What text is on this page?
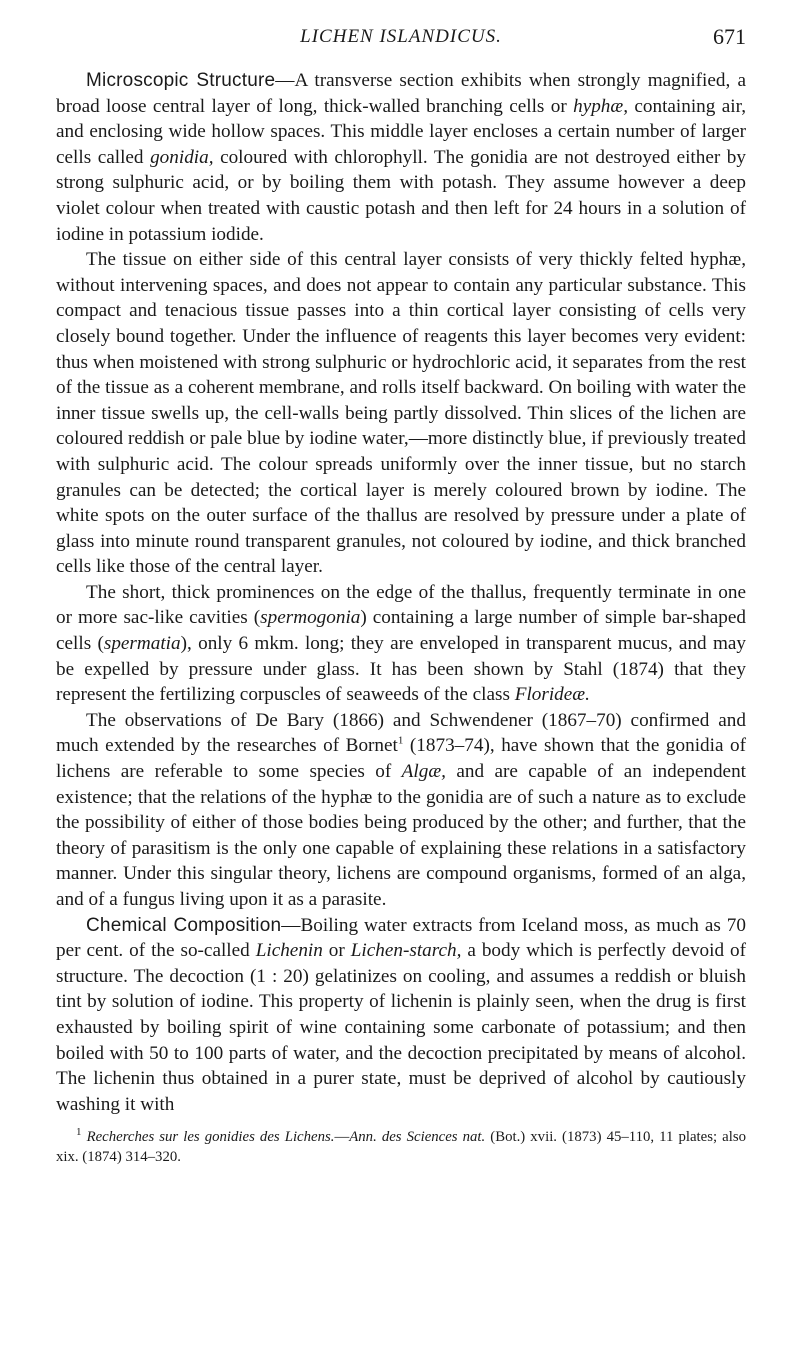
LICHEN ISLANDICUS.	671

Microscopic Structure—A transverse section exhibits when strongly magnified, a broad loose central layer of long, thick-walled branching cells or hyphæ, containing air, and enclosing wide hollow spaces. This middle layer encloses a certain number of larger cells called gonidia, coloured with chlorophyll. The gonidia are not destroyed either by strong sulphuric acid, or by boiling them with potash. They assume however a deep violet colour when treated with caustic potash and then left for 24 hours in a solution of iodine in potassium iodide.

The tissue on either side of this central layer consists of very thickly felted hyphæ, without intervening spaces, and does not appear to contain any particular substance. This compact and tenacious tissue passes into a thin cortical layer consisting of cells very closely bound together. Under the influence of reagents this layer becomes very evident: thus when moistened with strong sulphuric or hydrochloric acid, it separates from the rest of the tissue as a coherent membrane, and rolls itself backward. On boiling with water the inner tissue swells up, the cell-walls being partly dissolved. Thin slices of the lichen are coloured reddish or pale blue by iodine water,—more distinctly blue, if previously treated with sulphuric acid. The colour spreads uniformly over the inner tissue, but no starch granules can be detected; the cortical layer is merely coloured brown by iodine. The white spots on the outer surface of the thallus are resolved by pressure under a plate of glass into minute round transparent granules, not coloured by iodine, and thick branched cells like those of the central layer.

The short, thick prominences on the edge of the thallus, frequently terminate in one or more sac-like cavities (spermogonia) containing a large number of simple bar-shaped cells (spermatia), only 6 mkm. long; they are enveloped in transparent mucus, and may be expelled by pressure under glass. It has been shown by Stahl (1874) that they represent the fertilizing corpuscles of seaweeds of the class Florideæ.

The observations of De Bary (1866) and Schwendener (1867–70) confirmed and much extended by the researches of Bornet$^1$ (1873–74), have shown that the gonidia of lichens are referable to some species of Algæ, and are capable of an independent existence; that the relations of the hyphæ to the gonidia are of such a nature as to exclude the possibility of either of those bodies being produced by the other; and further, that the theory of parasitism is the only one capable of explaining these relations in a satisfactory manner. Under this singular theory, lichens are compound organisms, formed of an alga, and of a fungus living upon it as a parasite.

Chemical Composition—Boiling water extracts from Iceland moss, as much as 70 per cent. of the so-called Lichenin or Lichen-starch, a body which is perfectly devoid of structure. The decoction (1 : 20) gelatinizes on cooling, and assumes a reddish or bluish tint by solution of iodine. This property of lichenin is plainly seen, when the drug is first exhausted by boiling spirit of wine containing some carbonate of potassium; and then boiled with 50 to 100 parts of water, and the decoction precipitated by means of alcohol. The lichenin thus obtained in a purer state, must be deprived of alcohol by cautiously washing it with

$^1$ Recherches sur les gonidies des Lichens.—Ann. des Sciences nat. (Bot.) xvii. (1873) 45–110, 11 plates; also xix. (1874) 314–320.
